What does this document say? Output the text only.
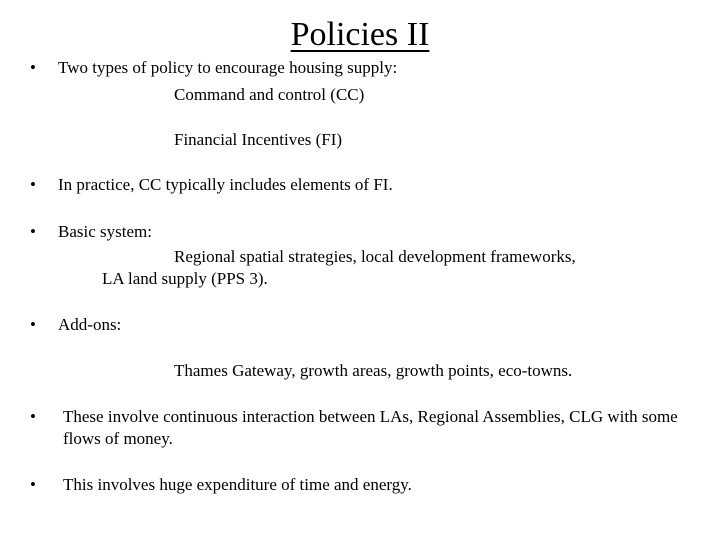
Policies II
• Two types of policy to encourage housing supply:
Command and control (CC)
Financial Incentives (FI)
• In practice, CC typically includes elements of FI.
• Basic system:
Regional spatial strategies, local development frameworks,
LA land supply (PPS 3).
• Add-ons:
Thames Gateway, growth areas, growth points, eco-towns.
• These involve continuous interaction between LAs, Regional Assemblies, CLG with some flows of money.
• This involves huge expenditure of time and energy.
